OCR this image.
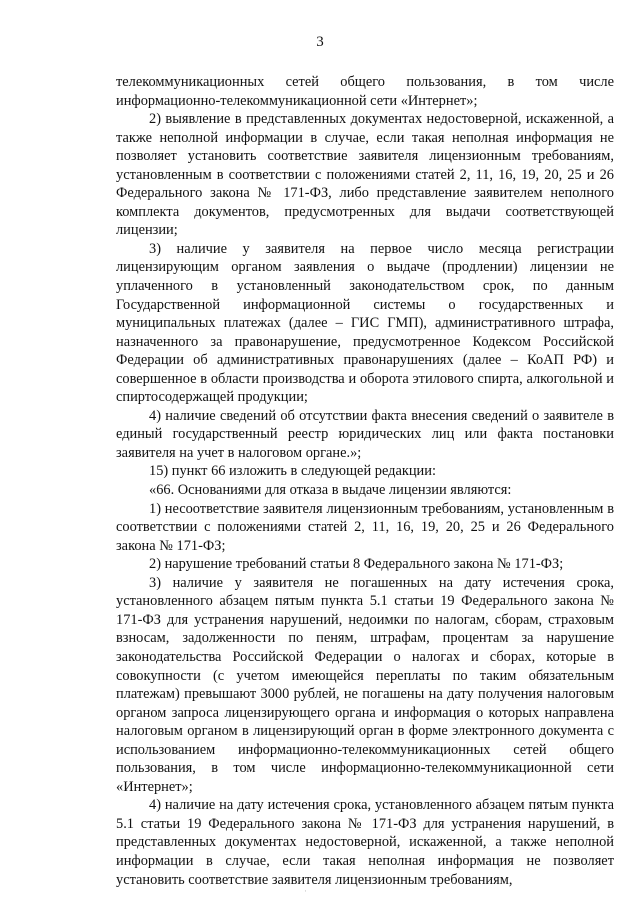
3

телекоммуникационных сетей общего пользования, в том числе информационно-телекоммуникационной сети «Интернет»;

2) выявление в представленных документах недостоверной, искаженной, а также неполной информации в случае, если такая неполная информация не позволяет установить соответствие заявителя лицензионным требованиям, установленным в соответствии с положениями статей 2, 11, 16, 19, 20, 25 и 26 Федерального закона № 171-ФЗ, либо представление заявителем неполного комплекта документов, предусмотренных для выдачи соответствующей лицензии;

3) наличие у заявителя на первое число месяца регистрации лицензирующим органом заявления о выдаче (продлении) лицензии не уплаченного в установленный законодательством срок, по данным Государственной информационной системы о государственных и муниципальных платежах (далее – ГИС ГМП), административного штрафа, назначенного за правонарушение, предусмотренное Кодексом Российской Федерации об административных правонарушениях (далее – КоАП РФ) и совершенное в области производства и оборота этилового спирта, алкогольной и спиртосодержащей продукции;

4) наличие сведений об отсутствии факта внесения сведений о заявителе в единый государственный реестр юридических лиц или факта постановки заявителя на учет в налоговом органе.»;

15) пункт 66 изложить в следующей редакции:

«66. Основаниями для отказа в выдаче лицензии являются:

1) несоответствие заявителя лицензионным требованиям, установленным в соответствии с положениями статей 2, 11, 16, 19, 20, 25 и 26 Федерального закона № 171-ФЗ;

2) нарушение требований статьи 8 Федерального закона № 171-ФЗ;

3) наличие у заявителя не погашенных на дату истечения срока, установленного абзацем пятым пункта 5.1 статьи 19 Федерального закона № 171-ФЗ для устранения нарушений, недоимки по налогам, сборам, страховым взносам, задолженности по пеням, штрафам, процентам за нарушение законодательства Российской Федерации о налогах и сборах, которые в совокупности (с учетом имеющейся переплаты по таким обязательным платежам) превышают 3000 рублей, не погашены на дату получения налоговым органом запроса лицензирующего органа и информация о которых направлена налоговым органом в лицензирующий орган в форме электронного документа с использованием информационно-телекоммуникационных сетей общего пользования, в том числе информационно-телекоммуникационной сети «Интернет»;

4) наличие на дату истечения срока, установленного абзацем пятым пункта 5.1 статьи 19 Федерального закона № 171-ФЗ для устранения нарушений, в представленных документах недостоверной, искаженной, а также неполной информации в случае, если такая неполная информация не позволяет установить соответствие заявителя лицензионным требованиям,

·
